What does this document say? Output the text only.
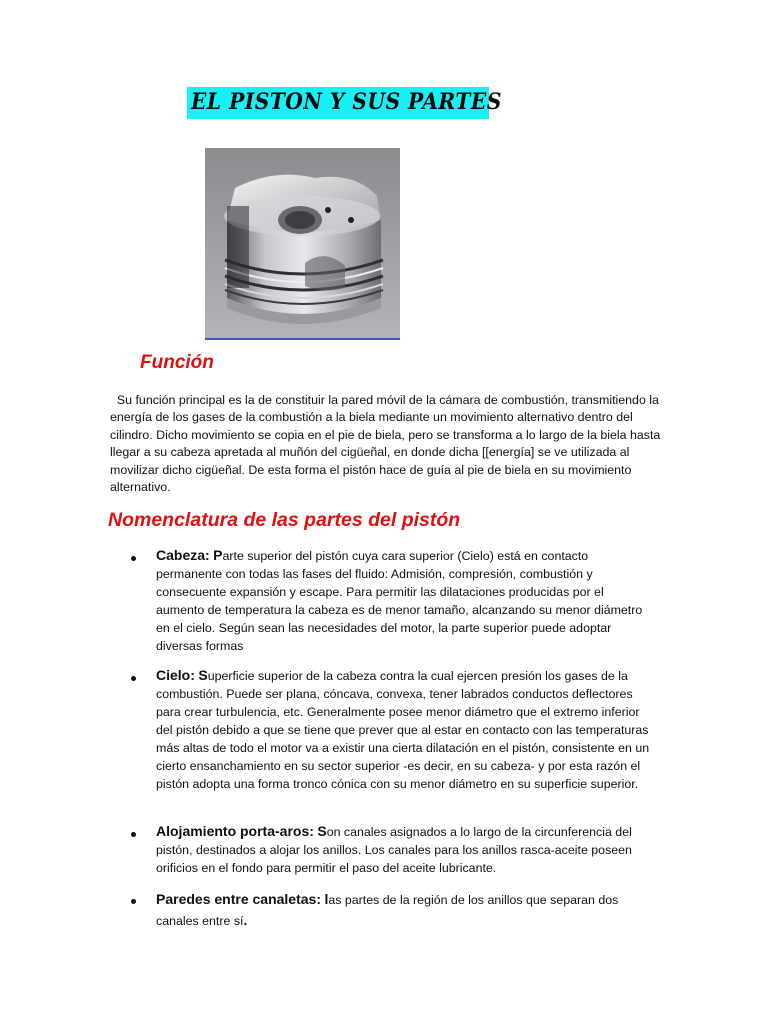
EL PISTON Y SUS PARTES
Función
Su función principal es la de constituir la pared móvil de la cámara de combustión, transmitiendo la energía de los gases de la combustión a la biela mediante un movimiento alternativo dentro del cilindro. Dicho movimiento se copia en el pie de biela, pero se transforma a lo largo de la biela hasta llegar a su cabeza apretada al muñón del cigüeñal, en donde dicha [[energía] se ve utilizada al movilizar dicho cigüeñal. De esta forma el pistón hace de guía al pie de biela en su movimiento alternativo.
Nomenclatura de las partes del pistón
Cabeza: Parte superior del pistón cuya cara superior (Cielo) está en contacto permanente con todas las fases del fluido: Admisión, compresión, combustión y consecuente expansión y escape. Para permitir las dilataciones producidas por el aumento de temperatura la cabeza es de menor tamaño, alcanzando su menor diámetro en el cielo. Según sean las necesidades del motor, la parte superior puede adoptar diversas formas
Cielo: Superficie superior de la cabeza contra la cual ejercen presión los gases de la combustión. Puede ser plana, cóncava, convexa, tener labrados conductos deflectores para crear turbulencia, etc. Generalmente posee menor diámetro que el extremo inferior del pistón debido a que se tiene que prever que al estar en contacto con las temperaturas más altas de todo el motor va a existir una cierta dilatación en el pistón, consistente en un cierto ensanchamiento en su sector superior -es decir, en su cabeza- y por esta razón el pistón adopta una forma tronco cónica con su menor diámetro en su superficie superior.
Alojamiento porta-aros: Son canales asignados a lo largo de la circunferencia del pistón, destinados a alojar los anillos. Los canales para los anillos rasca-aceite poseen orificios en el fondo para permitir el paso del aceite lubricante.
Paredes entre canaletas: las partes de la región de los anillos que separan dos canales entre sí.
